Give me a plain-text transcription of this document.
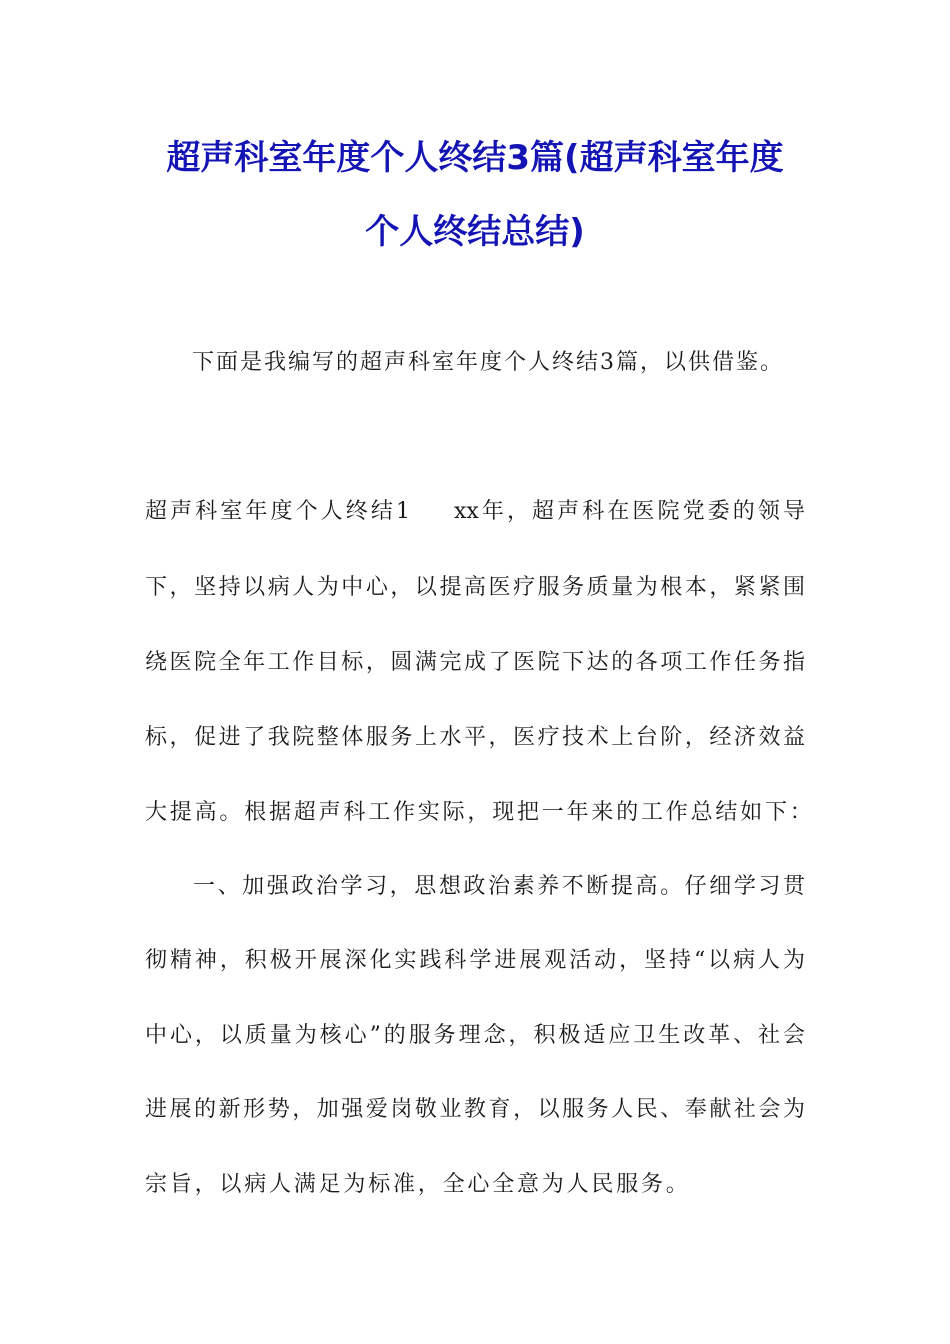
超声科室年度个人终结3篇(超声科室年度
个人终结总结)

下面是我编写的超声科室年度个人终结3篇，以供借鉴。

超声科室年度个人终结1 xx年，超声科在医院党委的领导

下，坚持以病人为中心，以提高医疗服务质量为根本，紧紧围

绕医院全年工作目标，圆满完成了医院下达的各项工作任务指

标，促进了我院整体服务上水平，医疗技术上台阶，经济效益

大提高。根据超声科工作实际，现把一年来的工作总结如下：

一、加强政治学习，思想政治素养不断提高。仔细学习贯

彻精神，积极开展深化实践科学进展观活动，坚持“以病人为

中心，以质量为核心”的服务理念，积极适应卫生改革、社会

进展的新形势，加强爱岗敬业教育，以服务人民、奉献社会为

宗旨，以病人满足为标准，全心全意为人民服务。
